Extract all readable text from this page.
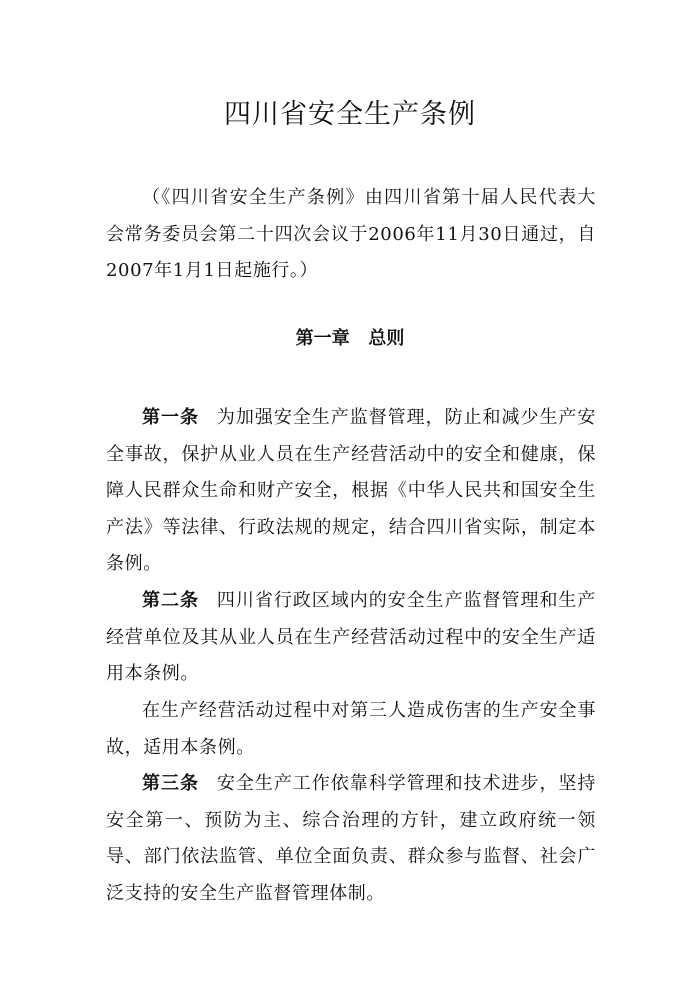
四川省安全生产条例

（《四川省安全生产条例》由四川省第十届人民代表大会常务委员会第二十四次会议于2006年11月30日通过，自2007年1月1日起施行。）

第一章   总则

第一条 为加强安全生产监督管理，防止和减少生产安全事故，保护从业人员在生产经营活动中的安全和健康，保障人民群众生命和财产安全，根据《中华人民共和国安全生产法》等法律、行政法规的规定，结合四川省实际，制定本条例。

第二条 四川省行政区域内的安全生产监督管理和生产经营单位及其从业人员在生产经营活动过程中的安全生产适用本条例。

在生产经营活动过程中对第三人造成伤害的生产安全事故，适用本条例。

第三条 安全生产工作依靠科学管理和技术进步，坚持安全第一、预防为主、综合治理的方针，建立政府统一领导、部门依法监管、单位全面负责、群众参与监督、社会广泛支持的安全生产监督管理体制。
